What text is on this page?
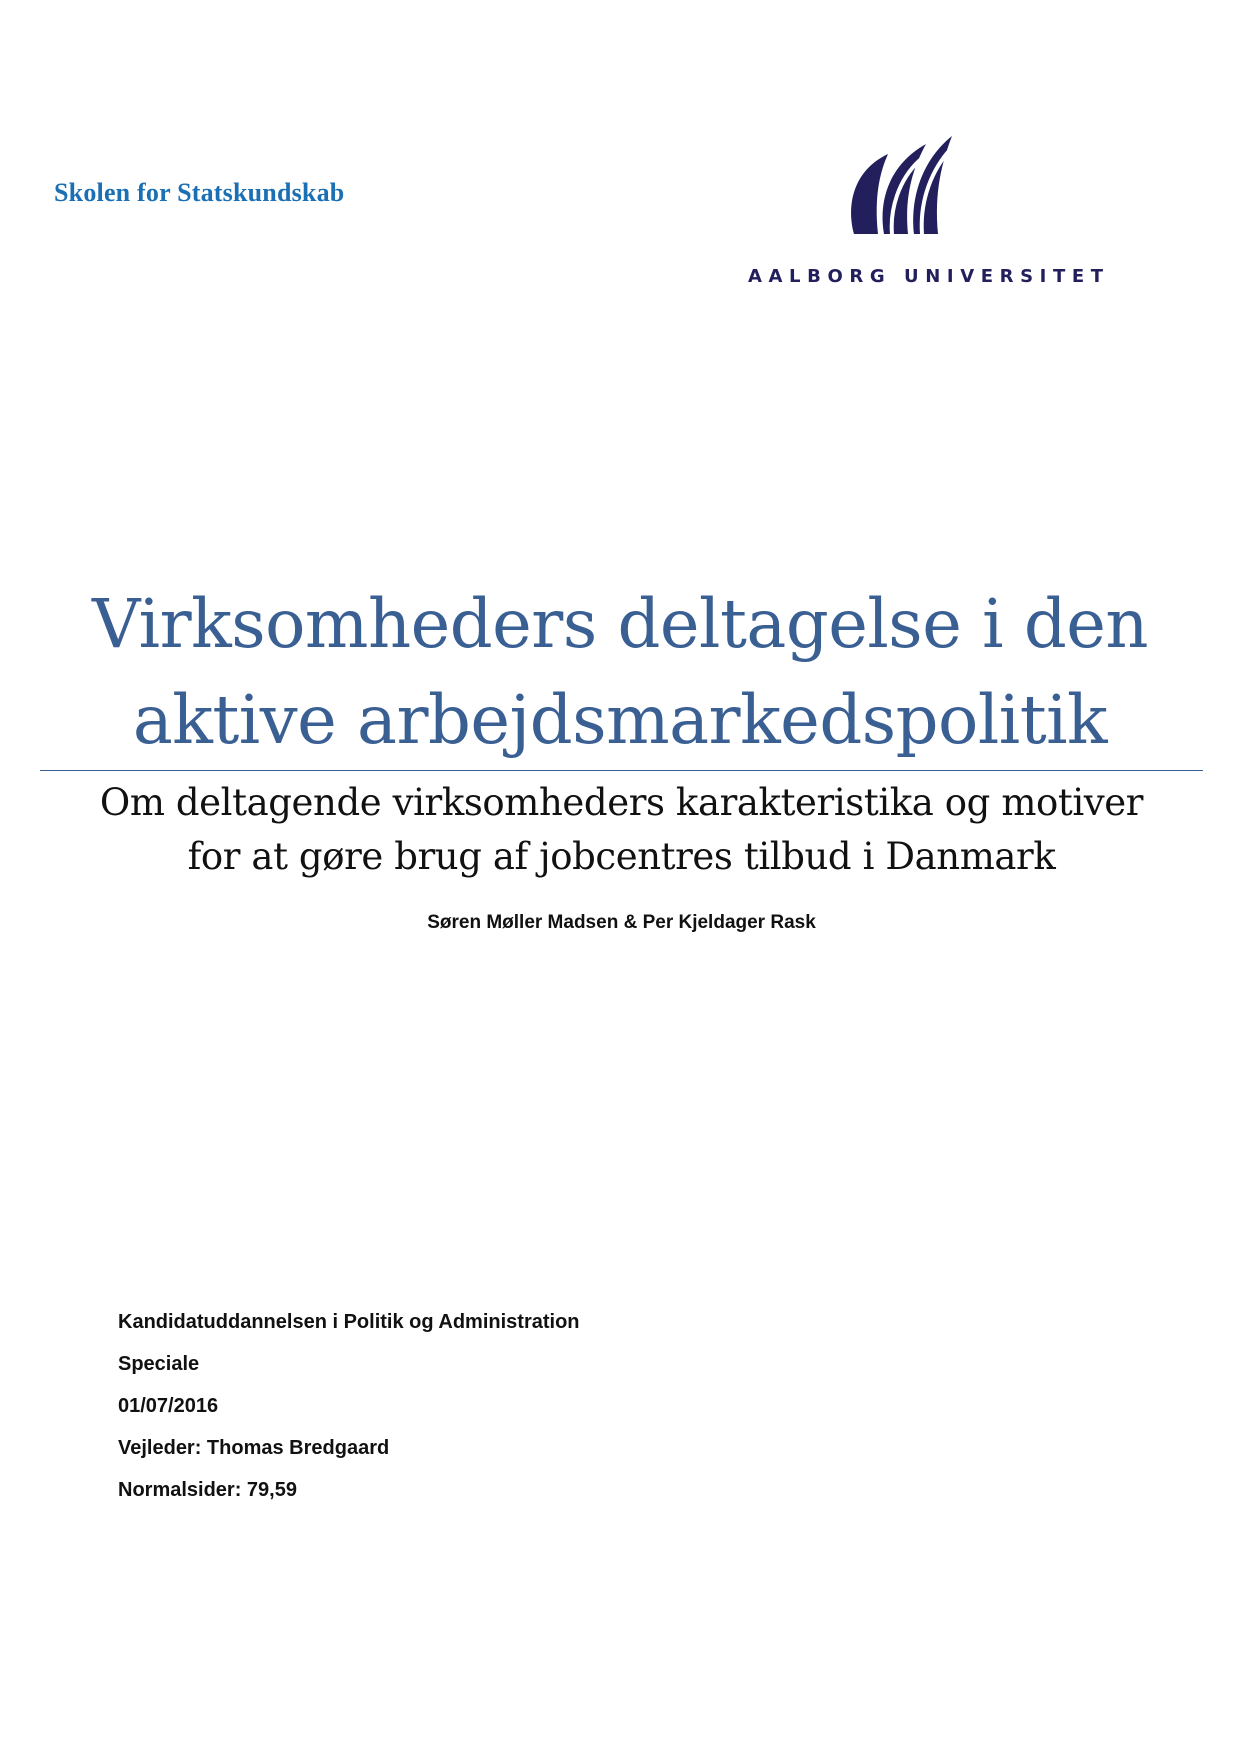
Skolen for Statskundskab
AALBORG UNIVERSITET
Virksomheders deltagelse i den
aktive arbejdsmarkedspolitik
Om deltagende virksomheders karakteristika og motiver
for at gøre brug af jobcentres tilbud i Danmark
Søren Møller Madsen & Per Kjeldager Rask
Kandidatuddannelsen i Politik og Administration
Speciale
01/07/2016
Vejleder: Thomas Bredgaard
Normalsider: 79,59
